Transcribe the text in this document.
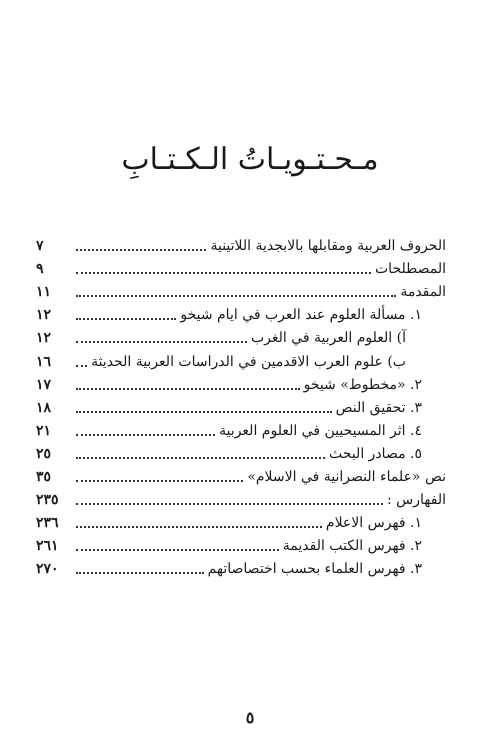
مـحـتـويـاتُ الـكـتـابِ
الحروف العربية ومقابلها بالابجدية اللاتينية
٧
المصطلحات
٩
المقدمة
١١
١. مسألة العلوم عند العرب في ايام شيخو
١٢
آ) العلوم العربية في الغرب
١٢
ب) علوم العرب الاقدمين في الدراسات العربية الحديثة
١٦
٢. «مخطوط» شيخو
١٧
٣. تحقيق النص
١٨
٤. اثر المسيحيين في العلوم العربية
٢١
٥. مصادر البحث
٢٥
نص «علماء النصرانية في الاسلام»
٣٥
الفهارس :
٢٣٥
١. فهرس الاعلام
٢٣٦
٢. فهرس الكتب القديمة
٢٦١
٣. فهرس العلماء بحسب اختصاصاتهم
٢٧٠
٥
